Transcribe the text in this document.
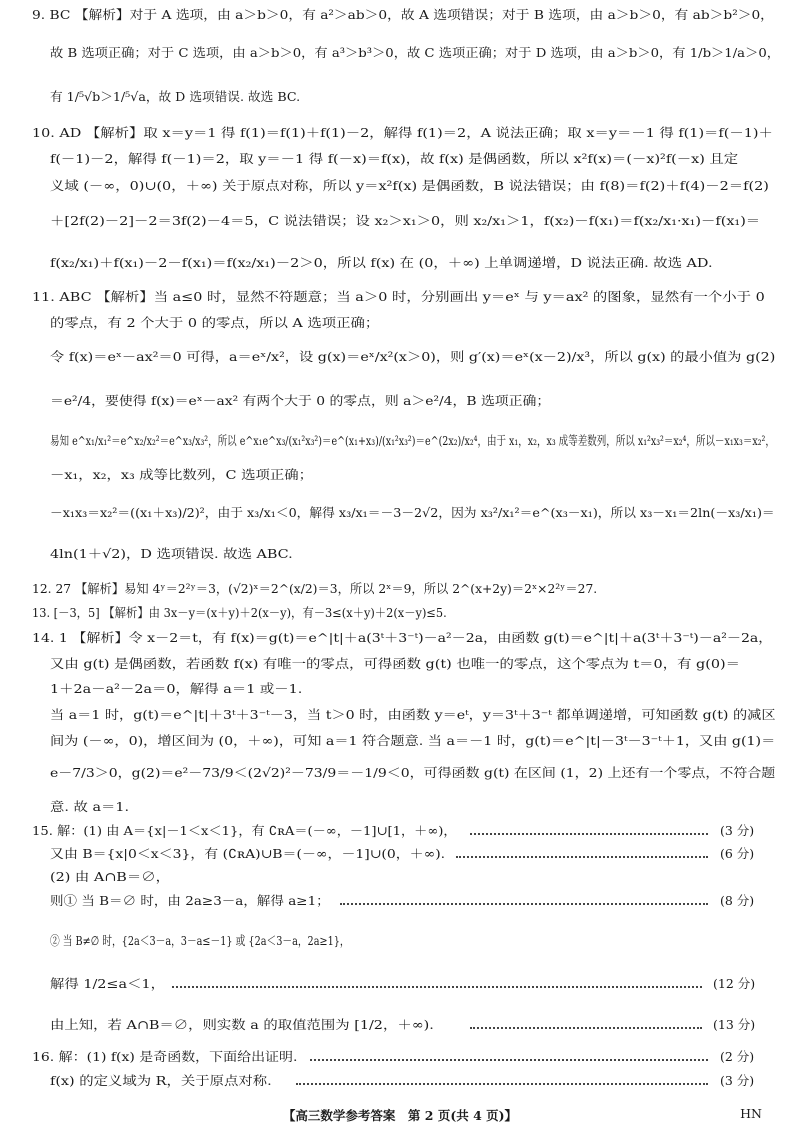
9. BC 【解析】对于 A 选项，由 a＞b＞0，有 a²＞ab＞0，故 A 选项错误；对于 B 选项，由 a＞b＞0，有 ab＞b²＞0，
故 B 选项正确；对于 C 选项，由 a＞b＞0，有 a³＞b³＞0，故 C 选项正确；对于 D 选项，由 a＞b＞0，有 1/b＞1/a＞0，
有 1/⁵√b＞1/⁵√a，故 D 选项错误. 故选 BC.
10. AD 【解析】取 x＝y＝1 得 f(1)＝f(1)＋f(1)－2，解得 f(1)＝2，A 说法正确；取 x＝y＝－1 得 f(1)＝f(－1)＋
f(－1)－2，解得 f(－1)＝2，取 y＝－1 得 f(－x)＝f(x)，故 f(x) 是偶函数，所以 x²f(x)＝(－x)²f(－x) 且定
义域 (－∞，0)∪(0，＋∞) 关于原点对称，所以 y＝x²f(x) 是偶函数，B 说法错误；由 f(8)＝f(2)＋f(4)－2＝f(2)
＋[2f(2)－2]－2＝3f(2)－4＝5，C 说法错误；设 x₂＞x₁＞0，则 x₂/x₁＞1，f(x₂)－f(x₁)＝f(x₂/x₁·x₁)－f(x₁)＝
f(x₂/x₁)＋f(x₁)－2－f(x₁)＝f(x₂/x₁)－2＞0，所以 f(x) 在 (0，＋∞) 上单调递增，D 说法正确. 故选 AD.
11. ABC 【解析】当 a≤0 时，显然不符题意；当 a＞0 时，分别画出 y＝eˣ 与 y＝ax² 的图象，显然有一个小于 0
的零点，有 2 个大于 0 的零点，所以 A 选项正确；
令 f(x)＝eˣ－ax²＝0 可得，a＝eˣ/x²，设 g(x)＝eˣ/x²(x＞0)，则 g′(x)＝eˣ(x－2)/x³，所以 g(x) 的最小值为 g(2)
＝e²/4，要使得 f(x)＝eˣ－ax² 有两个大于 0 的零点，则 a＞e²/4，B 选项正确；
易知 e^x₁/x₁²＝e^x₂/x₂²＝e^x₃/x₃²，所以 e^x₁e^x₃/(x₁²x₃²)＝e^(x₁+x₃)/(x₁²x₃²)＝e^(2x₂)/x₂⁴，由于 x₁，x₂，x₃ 成等差数列，所以 x₁²x₃²＝x₂⁴，所以－x₁x₃＝x₂²，
－x₁，x₂，x₃ 成等比数列，C 选项正确；
－x₁x₃＝x₂²＝((x₁＋x₃)/2)²，由于 x₃/x₁＜0，解得 x₃/x₁＝－3－2√2，因为 x₃²/x₁²＝e^(x₃－x₁)，所以 x₃－x₁＝2ln(－x₃/x₁)＝
4ln(1＋√2)，D 选项错误. 故选 ABC.
12. 27 【解析】易知 4ʸ＝2²ʸ＝3，(√2)ˣ＝2^(x/2)＝3，所以 2ˣ＝9，所以 2^(x+2y)＝2ˣ×2²ʸ＝27.
13. [－3，5] 【解析】由 3x－y＝(x＋y)＋2(x－y)，有－3≤(x＋y)＋2(x－y)≤5.
14. 1 【解析】令 x－2＝t，有 f(x)＝g(t)＝e^|t|＋a(3ᵗ＋3⁻ᵗ)－a²－2a，由函数 g(t)＝e^|t|＋a(3ᵗ＋3⁻ᵗ)－a²－2a，
又由 g(t) 是偶函数，若函数 f(x) 有唯一的零点，可得函数 g(t) 也唯一的零点，这个零点为 t＝0，有 g(0)＝
1＋2a－a²－2a＝0，解得 a＝1 或－1.
当 a＝1 时，g(t)＝e^|t|＋3ᵗ＋3⁻ᵗ－3，当 t＞0 时，由函数 y＝eᵗ，y＝3ᵗ＋3⁻ᵗ 都单调递增，可知函数 g(t) 的减区
间为 (－∞，0)，增区间为 (0，＋∞)，可知 a＝1 符合题意. 当 a＝－1 时，g(t)＝e^|t|－3ᵗ－3⁻ᵗ＋1，又由 g(1)＝
e－7/3＞0，g(2)＝e²－73/9＜(2√2)²－73/9＝－1/9＜0，可得函数 g(t) 在区间 (1，2) 上还有一个零点，不符合题
意. 故 a＝1.
15. 解：(1) 由 A＝{x|－1＜x＜1}，有 ∁ʀA＝(－∞，－1]∪[1，＋∞)，	(3 分)
又由 B＝{x|0＜x＜3}，有 (∁ʀA)∪B＝(－∞，－1]∪(0，＋∞).	(6 分)
(2) 由 A∩B＝∅，
则① 当 B＝∅ 时，由 2a≥3－a，解得 a≥1；	(8 分)
② 当 B≠∅ 时，{2a＜3－a，3－a≤－1} 或 {2a＜3－a，2a≥1}，
解得 1/2≤a＜1，	(12 分)
由上知，若 A∩B＝∅，则实数 a 的取值范围为 [1/2，＋∞).	(13 分)
16. 解：(1) f(x) 是奇函数，下面给出证明.	(2 分)
f(x) 的定义域为 R，关于原点对称.	(3 分)
【高三数学参考答案　第 2 页(共 4 页)】	HN
